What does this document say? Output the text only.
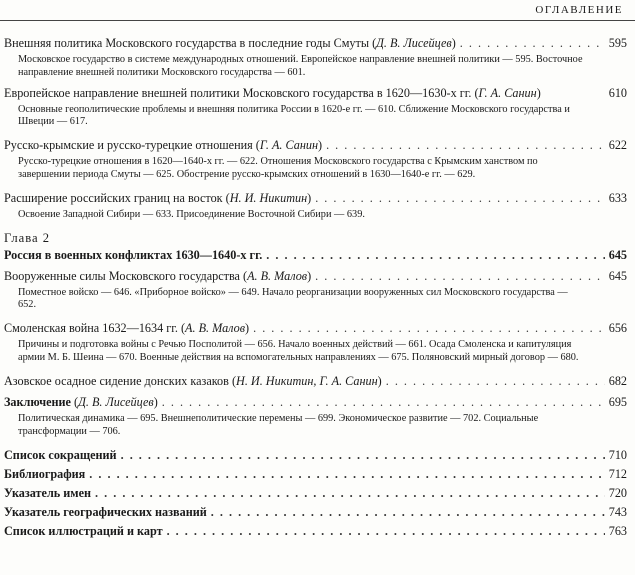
ОГЛАВЛЕНИЕ
Внешняя политика Московского государства в последние годы Смуты (Д. В. Лисейцев) . . .	595
Московское государство в системе международных отношений. Европейское направление внешней политики — 595. Восточное направление внешней политики Московского государства — 601.
Европейское направление внешней политики Московского государства в 1620—1630-х гг. (Г. А. Санин)	610
Основные геополитические проблемы и внешняя политика России в 1620-е гг. — 610. Сближение Московского государства и Швеции — 617.
Русско-крымские и русско-турецкие отношения (Г. А. Санин) . . .	622
Русско-турецкие отношения в 1620—1640-х гг. — 622. Отношения Московского государства с Крымским ханством по завершении периода Смуты — 625. Обострение русско-крымских отношений в 1630—1640-е гг. — 629.
Расширение российских границ на восток (Н. И. Никитин) . . .	633
Освоение Западной Сибири — 633. Присоединение Восточной Сибири — 639.
Глава 2
Россия в военных конфликтах 1630—1640-х гг. . . .	645
Вооруженные силы Московского государства (А. В. Малов) . . .	645
Поместное войско — 646. «Приборное войско» — 649. Начало реорганизации вооруженных сил Московского государства — 652.
Смоленская война 1632—1634 гг. (А. В. Малов) . . .	656
Причины и подготовка войны с Речью Посполитой — 656. Начало военных действий — 661. Осада Смоленска и капитуляция армии М. Б. Шеина — 670. Военные действия на вспомогательных направлениях — 675. Поляновский мирный договор — 680.
Азовское осадное сидение донских казаков (Н. И. Никитин, Г. А. Санин) . . .	682
Заключение (Д. В. Лисейцев) . . .	695
Политическая динамика — 695. Внешнеполитические перемены — 699. Экономическое развитие — 702. Социальные трансформации — 706.
Список сокращений . . .	710
Библиография . . .	712
Указатель имен . . .	720
Указатель географических названий . . .	743
Список иллюстраций и карт . . .	763
